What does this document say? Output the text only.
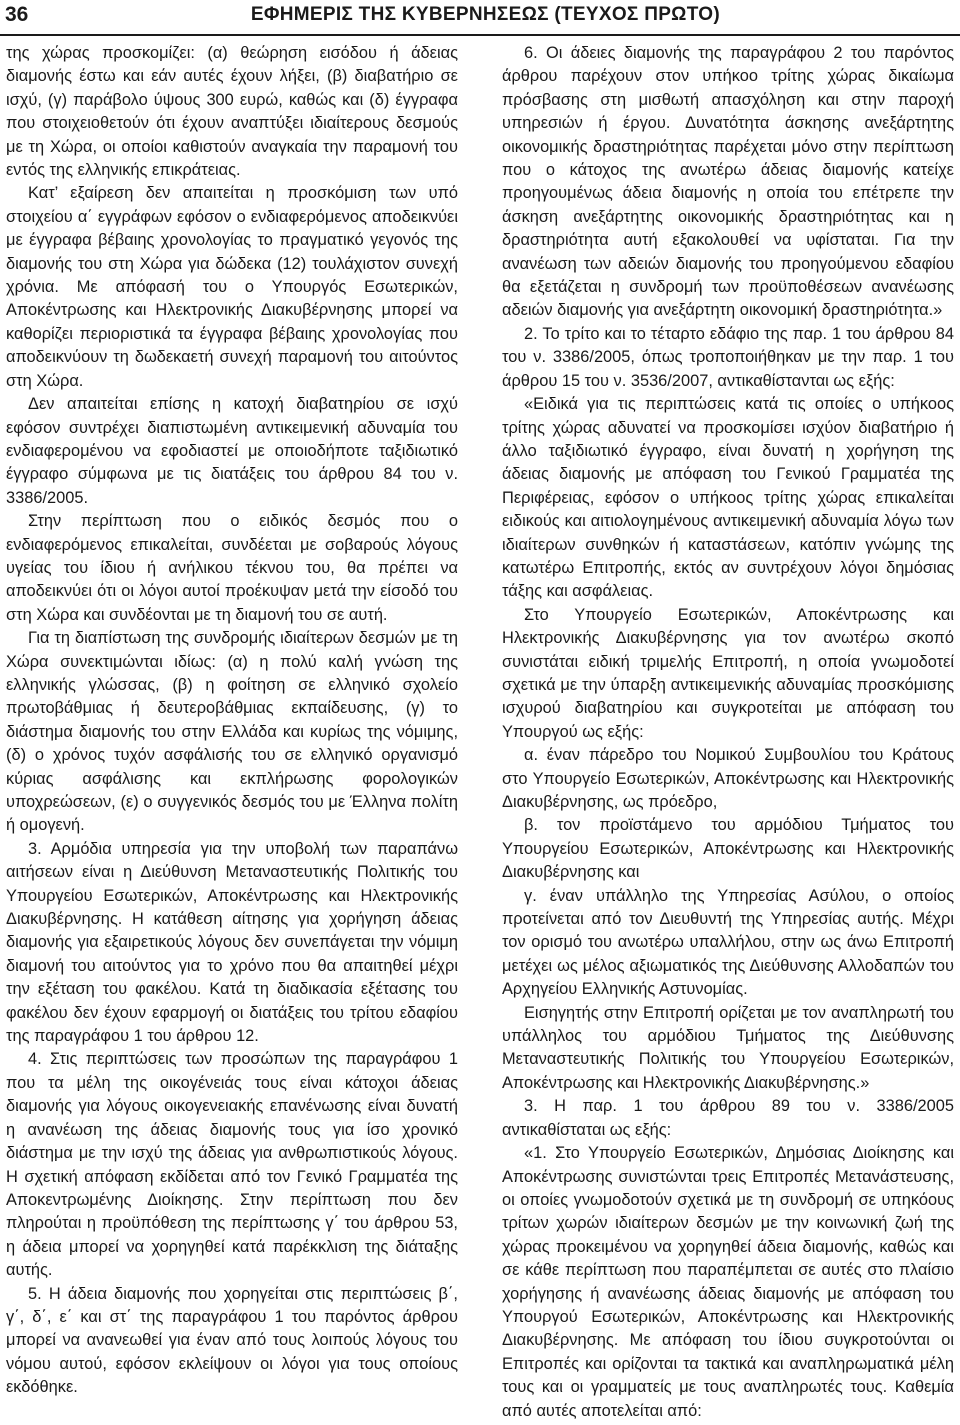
36	ΕΦΗΜΕΡΙΣ ΤΗΣ ΚΥΒΕΡΝΗΣΕΩΣ (ΤΕΥΧΟΣ ΠΡΩΤΟ)

της χώρας προσκομίζει: (α) θεώρηση εισόδου ή άδειας διαμονής έστω και εάν αυτές έχουν λήξει, (β) διαβατήριο σε ισχύ, (γ) παράβολο ύψους 300 ευρώ, καθώς και (δ) έγγραφα που στοιχειοθετούν ότι έχουν αναπτύξει ιδιαίτερους δεσμούς με τη Χώρα, οι οποίοι καθιστούν αναγκαία την παραμονή του εντός της ελληνικής επικράτειας.

Κατ’ εξαίρεση δεν απαιτείται η προσκόμιση των υπό στοιχείου α΄ εγγράφων εφόσον ο ενδιαφερόμενος αποδεικνύει με έγγραφα βέβαιης χρονολογίας το πραγματικό γεγονός της διαμονής του στη Χώρα για δώδεκα (12) τουλάχιστον συνεχή χρόνια. Με απόφασή του ο Υπουργός Εσωτερικών, Αποκέντρωσης και Ηλεκτρονικής Διακυβέρνησης μπορεί να καθορίζει περιοριστικά τα έγγραφα βέβαιης χρονολογίας που αποδεικνύουν τη δωδεκαετή συνεχή παραμονή του αιτούντος στη Χώρα.

Δεν απαιτείται επίσης η κατοχή διαβατηρίου σε ισχύ εφόσον συντρέχει διαπιστωμένη αντικειμενική αδυναμία του ενδιαφερομένου να εφοδιαστεί με οποιοδήποτε ταξιδιωτικό έγγραφο σύμφωνα με τις διατάξεις του άρθρου 84 του ν. 3386/2005.

Στην περίπτωση που ο ειδικός δεσμός που ο ενδιαφερόμενος επικαλείται, συνδέεται με σοβαρούς λόγους υγείας του ίδιου ή ανήλικου τέκνου του, θα πρέπει να αποδεικνύει ότι οι λόγοι αυτοί προέκυψαν μετά την είσοδό του στη Χώρα και συνδέονται με τη διαμονή του σε αυτή.

Για τη διαπίστωση της συνδρομής ιδιαίτερων δεσμών με τη Χώρα συνεκτιμώνται ιδίως: (α) η πολύ καλή γνώση της ελληνικής γλώσσας, (β) η φοίτηση σε ελληνικό σχολείο πρωτοβάθμιας ή δευτεροβάθμιας εκπαίδευσης, (γ) το διάστημα διαμονής του στην Ελλάδα και κυρίως της νόμιμης, (δ) ο χρόνος τυχόν ασφάλισής του σε ελληνικό οργανισμό κύριας ασφάλισης και εκπλήρωσης φορολογικών υποχρεώσεων, (ε) ο συγγενικός δεσμός του με Έλληνα πολίτη ή ομογενή.

3. Αρμόδια υπηρεσία για την υποβολή των παραπάνω αιτήσεων είναι η Διεύθυνση Μεταναστευτικής Πολιτικής του Υπουργείου Εσωτερικών, Αποκέντρωσης και Ηλεκτρονικής Διακυβέρνησης. Η κατάθεση αίτησης για χορήγηση άδειας διαμονής για εξαιρετικούς λόγους δεν συνεπάγεται την νόμιμη διαμονή του αιτούντος για το χρόνο που θα απαιτηθεί μέχρι την εξέταση του φακέλου. Κατά τη διαδικασία εξέτασης του φακέλου δεν έχουν εφαρμογή οι διατάξεις του τρίτου εδαφίου της παραγράφου 1 του άρθρου 12.

4. Στις περιπτώσεις των προσώπων της παραγράφου 1 που τα μέλη της οικογένειάς τους είναι κάτοχοι άδειας διαμονής για λόγους οικογενειακής επανένωσης είναι δυνατή η ανανέωση της άδειας διαμονής τους για ίσο χρονικό διάστημα με την ισχύ της άδειας για ανθρωπιστικούς λόγους. Η σχετική απόφαση εκδίδεται από τον Γενικό Γραμματέα της Αποκεντρωμένης Διοίκησης. Στην περίπτωση που δεν πληρούται η προϋπόθεση της περίπτωσης γ΄ του άρθρου 53, η άδεια μπορεί να χορηγηθεί κατά παρέκκλιση της διάταξης αυτής.

5. Η άδεια διαμονής που χορηγείται στις περιπτώσεις β΄, γ΄, δ΄, ε΄ και στ΄ της παραγράφου 1 του παρόντος άρθρου μπορεί να ανανεωθεί για έναν από τους λοιπούς λόγους του νόμου αυτού, εφόσον εκλείψουν οι λόγοι για τους οποίους εκδόθηκε.

6. Οι άδειες διαμονής της παραγράφου 2 του παρόντος άρθρου παρέχουν στον υπήκοο τρίτης χώρας δικαίωμα πρόσβασης στη μισθωτή απασχόληση και στην παροχή υπηρεσιών ή έργου. Δυνατότητα άσκησης ανεξάρτητης οικονομικής δραστηριότητας παρέχεται μόνο στην περίπτωση που ο κάτοχος της ανωτέρω άδειας διαμονής κατείχε προηγουμένως άδεια διαμονής η οποία του επέτρεπε την άσκηση ανεξάρτητης οικονομικής δραστηριότητας και η δραστηριότητα αυτή εξακολουθεί να υφίσταται. Για την ανανέωση των αδειών διαμονής του προηγούμενου εδαφίου θα εξετάζεται η συνδρομή των προϋποθέσεων ανανέωσης αδειών διαμονής για ανεξάρτητη οικονομική δραστηριότητα.»

2. Το τρίτο και το τέταρτο εδάφιο της παρ. 1 του άρθρου 84 του ν. 3386/2005, όπως τροποποιήθηκαν με την παρ. 1 του άρθρου 15 του ν. 3536/2007, αντικαθίστανται ως εξής:

«Ειδικά για τις περιπτώσεις κατά τις οποίες ο υπήκοος τρίτης χώρας αδυνατεί να προσκομίσει ισχύον διαβατήριο ή άλλο ταξιδιωτικό έγγραφο, είναι δυνατή η χορήγηση της άδειας διαμονής με απόφαση του Γενικού Γραμματέα της Περιφέρειας, εφόσον ο υπήκοος τρίτης χώρας επικαλείται ειδικούς και αιτιολογημένους αντικειμενική αδυναμία λόγω των ιδιαίτερων συνθηκών ή καταστάσεων, κατόπιν γνώμης της κατωτέρω Επιτροπής, εκτός αν συντρέχουν λόγοι δημόσιας τάξης και ασφάλειας.

Στο Υπουργείο Εσωτερικών, Αποκέντρωσης και Ηλεκτρονικής Διακυβέρνησης για τον ανωτέρω σκοπό συνιστάται ειδική τριμελής Επιτροπή, η οποία γνωμοδοτεί σχετικά με την ύπαρξη αντικειμενικής αδυναμίας προσκόμισης ισχυρού διαβατηρίου και συγκροτείται με απόφαση του Υπουργού ως εξής:

α. έναν πάρεδρο του Νομικού Συμβουλίου του Κράτους στο Υπουργείο Εσωτερικών, Αποκέντρωσης και Ηλεκτρονικής Διακυβέρνησης, ως πρόεδρο,

β. τον προϊστάμενο του αρμόδιου Τμήματος του Υπουργείου Εσωτερικών, Αποκέντρωσης και Ηλεκτρονικής Διακυβέρνησης και

γ. έναν υπάλληλο της Υπηρεσίας Ασύλου, ο οποίος προτείνεται από τον Διευθυντή της Υπηρεσίας αυτής. Μέχρι τον ορισμό του ανωτέρω υπαλλήλου, στην ως άνω Επιτροπή μετέχει ως μέλος αξιωματικός της Διεύθυνσης Αλλοδαπών του Αρχηγείου Ελληνικής Αστυνομίας.

Εισηγητής στην Επιτροπή ορίζεται με τον αναπληρωτή του υπάλληλος του αρμόδιου Τμήματος της Διεύθυνσης Μεταναστευτικής Πολιτικής του Υπουργείου Εσωτερικών, Αποκέντρωσης και Ηλεκτρονικής Διακυβέρνησης.»

3. Η παρ. 1 του άρθρου 89 του ν. 3386/2005 αντικαθίσταται ως εξής:

«1. Στο Υπουργείο Εσωτερικών, Δημόσιας Διοίκησης και Αποκέντρωσης συνιστώνται τρεις Επιτροπές Μετανάστευσης, οι οποίες γνωμοδοτούν σχετικά με τη συνδρομή σε υπηκόους τρίτων χωρών ιδιαίτερων δεσμών με την κοινωνική ζωή της χώρας προκειμένου να χορηγηθεί άδεια διαμονής, καθώς και σε κάθε περίπτωση που παραπέμπεται σε αυτές στο πλαίσιο χορήγησης ή ανανέωσης άδειας διαμονής με απόφαση του Υπουργού Εσωτερικών, Αποκέντρωσης και Ηλεκτρονικής Διακυβέρνησης. Με απόφαση του ίδιου συγκροτούνται οι Επιτροπές και ορίζονται τα τακτικά και αναπληρωματικά μέλη τους και οι γραμματείς με τους αναπληρωτές τους. Καθεμία από αυτές αποτελείται από:
